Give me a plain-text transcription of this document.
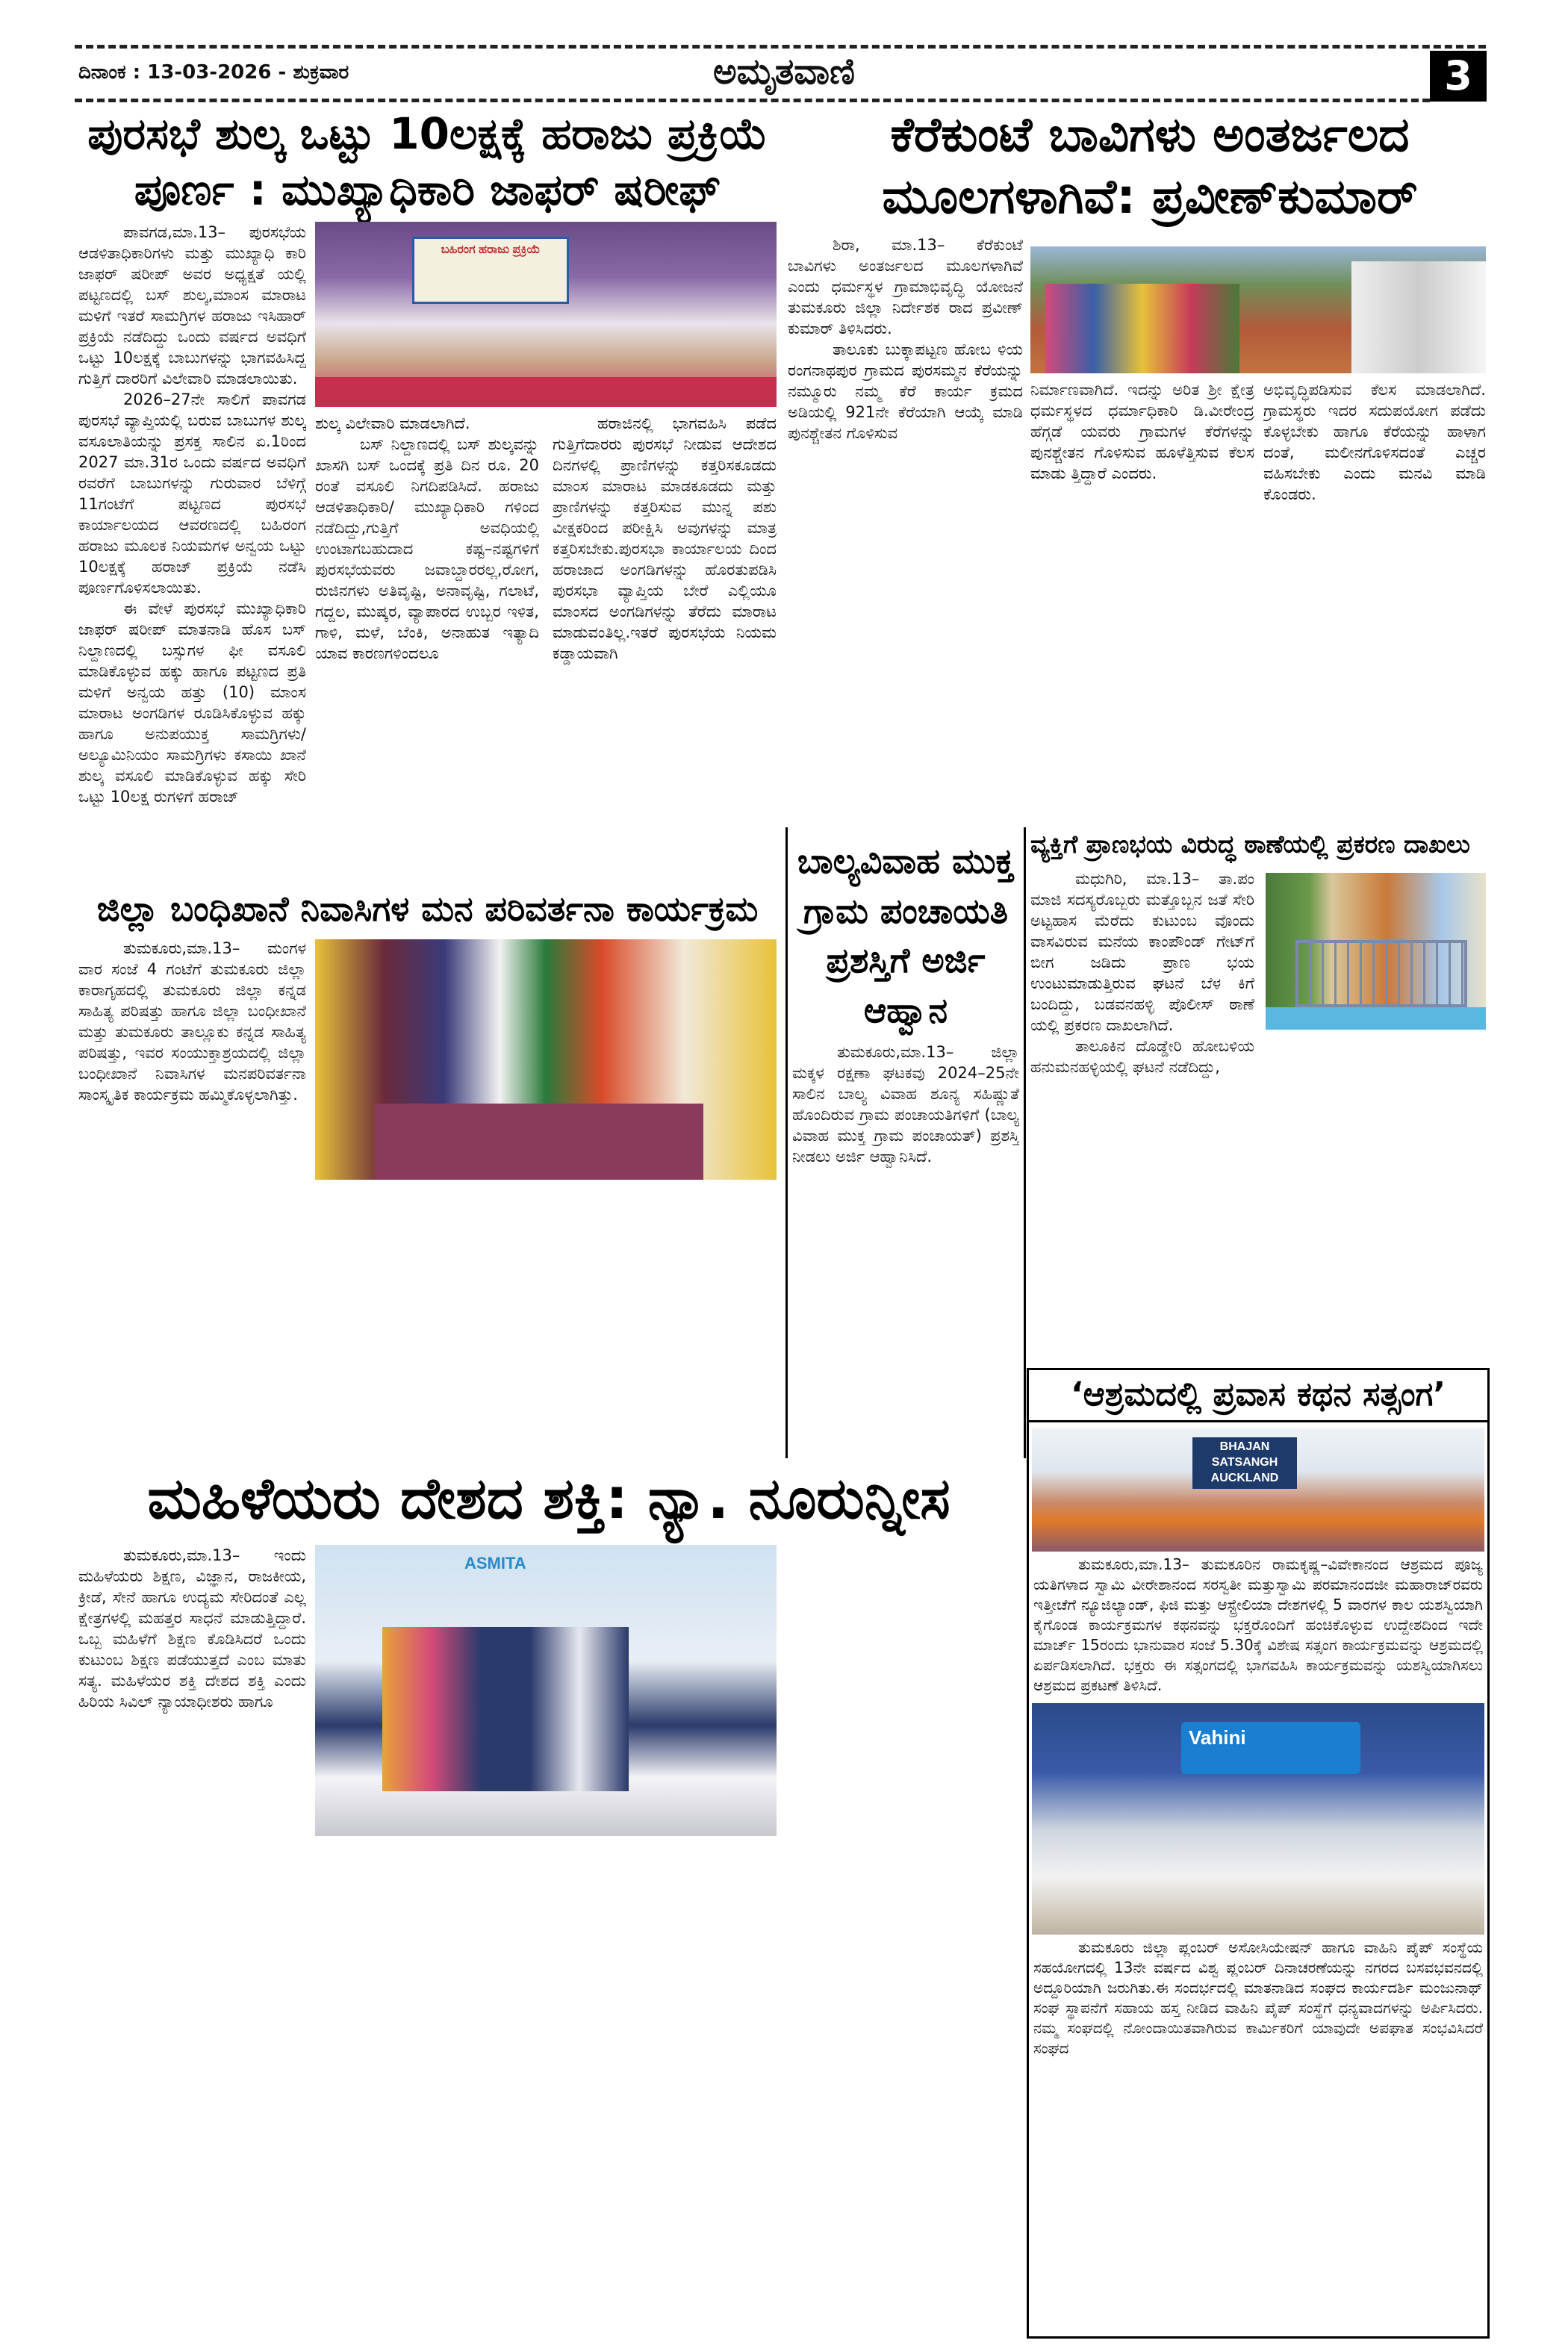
ದಿನಾಂಕ : 13-03-2026 - ಶುಕ್ರವಾರ	ಅಮೃತವಾಣಿ	3
ಪುರಸಭೆ ಶುಲ್ಕ ಒಟ್ಟು 10ಲಕ್ಷಕ್ಕೆ ಹರಾಜು ಪ್ರಕ್ರಿಯೆ
ಪೂರ್ಣ : ಮುಖ್ಯಾಧಿಕಾರಿ ಜಾಫರ್ ಷರೀಫ್

ಪಾವಗಡ,ಮಾ.13– ಪುರಸಭೆಯ ಆಡಳಿತಾಧಿಕಾರಿಗಳು ಮತ್ತು ಮುಖ್ಯಾಧಿ ಕಾರಿ ಜಾಫರ್ ಷರೀಪ್ ಅವರ ಅಧ್ಯಕ್ಷತೆ ಯಲ್ಲಿ ಪಟ್ಟಣದಲ್ಲಿ ಬಸ್ ಶುಲ್ಕ,ಮಾಂಸ ಮಾರಾಟ ಮಳಿಗೆ ಇತರೆ ಸಾಮಗ್ರಿಗಳ ಹರಾಜು ಇಸಿಹಾರ್ ಪ್ರಕ್ರಿಯೆ ನಡೆದಿದ್ದು ಒಂದು ವರ್ಷದ ಅವಧಿಗೆ ಒಟ್ಟು 10ಲಕ್ಷಕ್ಕೆ ಬಾಬುಗಳನ್ನು ಭಾಗವಹಿಸಿದ್ದ ಗುತ್ತಿಗೆ ದಾರರಿಗೆ ವಿಲೇವಾರಿ ಮಾಡಲಾಯಿತು.

2026–27ನೇ ಸಾಲಿಗೆ ಪಾವಗಡ ಪುರಸಭೆ ವ್ಯಾಪ್ತಿಯಲ್ಲಿ ಬರುವ ಬಾಬುಗಳ ಶುಲ್ಕ ವಸೂಲಾತಿಯನ್ನು ಪ್ರಸಕ್ತ ಸಾಲಿನ ಏ.1ರಿಂದ 2027 ಮಾ.31ರ ಒಂದು ವರ್ಷದ ಅವಧಿಗೆ ರವರೆಗೆ ಬಾಬುಗಳನ್ನು ಗುರುವಾರ ಬೆಳಿಗ್ಗೆ 11ಗಂಟೆಗೆ ಪಟ್ಟಣದ ಪುರಸಭೆ ಕಾರ್ಯಾಲಯದ ಆವರಣದಲ್ಲಿ ಬಹಿರಂಗ ಹರಾಜು ಮೂಲಕ ನಿಯಮಗಳ ಅನ್ವಯ ಒಟ್ಟು 10ಲಕ್ಷಕ್ಕೆ ಹರಾಜ್ ಪ್ರಕ್ರಿಯೆ ನಡೆಸಿ ಪೂರ್ಣಗೊಳಿಸಲಾಯಿತು.

ಈ ವೇಳೆ ಪುರಸಭೆ ಮುಖ್ಯಾಧಿಕಾರಿ ಜಾಫರ್ ಷರೀಪ್ ಮಾತನಾಡಿ ಹೊಸ ಬಸ್ ನಿಲ್ದಾಣದಲ್ಲಿ ಬಸ್ಸುಗಳ ಫೀ ವಸೂಲಿ ಮಾಡಿಕೊಳ್ಳುವ ಹಕ್ಕು ಹಾಗೂ ಪಟ್ಟಣದ ಪ್ರತಿ ಮಳಿಗೆ ಅನ್ವಯ ಹತ್ತು (10) ಮಾಂಸ ಮಾರಾಟ ಅಂಗಡಿಗಳ ರೂಡಿಸಿಕೊಳ್ಳುವ ಹಕ್ಕು ಹಾಗೂ ಅನುಪಯುಕ್ತ ಸಾಮಗ್ರಿಗಳು/ ಅಲ್ಯೂಮಿನಿಯಂ ಸಾಮಗ್ರಿಗಳು ಕಸಾಯಿ ಖಾನೆ ಶುಲ್ಕ ವಸೂಲಿ ಮಾಡಿಕೊಳ್ಳುವ ಹಕ್ಕು ಸೇರಿ ಒಟ್ಟು 10ಲಕ್ಷ ರುಗಳಿಗೆ ಹರಾಜ್

ಬಹಿರಂಗ ಹರಾಜು ಪ್ರಕ್ರಿಯೆ

ಶುಲ್ಕ ವಿಲೇವಾರಿ ಮಾಡಲಾಗಿದೆ.

ಬಸ್ ನಿಲ್ದಾಣದಲ್ಲಿ ಬಸ್ ಶುಲ್ಕವನ್ನು ಖಾಸಗಿ ಬಸ್ ಒಂದಕ್ಕೆ ಪ್ರತಿ ದಿನ ರೂ. 20 ರಂತೆ ವಸೂಲಿ ನಿಗದಿಪಡಿಸಿದೆ. ಹರಾಜು ಆಡಳಿತಾಧಿಕಾರಿ/ ಮುಖ್ಯಾಧಿಕಾರಿ ಗಳಿಂದ ನಡೆದಿದ್ದು,ಗುತ್ತಿಗೆ ಅವಧಿಯಲ್ಲಿ ಉಂಟಾಗಬಹುದಾದ ಕಷ್ಟ–ನಷ್ಟಗಳಿಗೆ ಪುರಸಭೆಯವರು ಜವಾಬ್ದಾರರಲ್ಲ,ರೋಗ, ರುಜಿನಗಳು ಅತಿವೃಷ್ಟಿ, ಅನಾವೃಷ್ಟಿ, ಗಲಾಟೆ, ಗದ್ದಲ, ಮುಷ್ಕರ, ವ್ಯಾಪಾರದ ಉಬ್ಬರ ಇಳಿತ, ಗಾಳಿ, ಮಳೆ, ಬೆಂಕಿ, ಅನಾಹುತ ಇತ್ಯಾದಿ ಯಾವ ಕಾರಣಗಳಿಂದಲೂ

ಹರಾಜಿನಲ್ಲಿ ಭಾಗವಹಿಸಿ ಪಡೆದ ಗುತ್ತಿಗೆದಾರರು ಪುರಸಭೆ ನೀಡುವ ಆದೇಶದ ದಿನಗಳಲ್ಲಿ ಪ್ರಾಣಿಗಳನ್ನು ಕತ್ತರಿಸಕೂಡದು ಮಾಂಸ ಮಾರಾಟ ಮಾಡಕೂಡದು ಮತ್ತು ಪ್ರಾಣಿಗಳನ್ನು ಕತ್ತರಿಸುವ ಮುನ್ನ ಪಶು ವೀಕ್ಷಕರಿಂದ ಪರೀಕ್ಷಿಸಿ ಅವುಗಳನ್ನು ಮಾತ್ರ ಕತ್ತರಿಸಬೇಕು.ಪುರಸಭಾ ಕಾರ್ಯಾಲಯ ದಿಂದ ಹರಾಜಾದ ಅಂಗಡಿಗಳನ್ನು ಹೊರತುಪಡಿಸಿ ಪುರಸಭಾ ವ್ಯಾಪ್ತಿಯ ಬೇರೆ ಎಲ್ಲಿಯೂ ಮಾಂಸದ ಅಂಗಡಿಗಳನ್ನು ತೆರೆದು ಮಾರಾಟ ಮಾಡುವಂತಿಲ್ಲ.ಇತರೆ ಪುರಸಭೆಯ ನಿಯಮ ಕಡ್ಡಾಯವಾಗಿ

ಕೆರೆಕುಂಟೆ ಬಾವಿಗಳು ಅಂತರ್ಜಲದ
ಮೂಲಗಳಾಗಿವೆ: ಪ್ರವೀಣ್‌ಕುಮಾರ್

ಶಿರಾ, ಮಾ.13– ಕೆರೆಕುಂಟೆ ಬಾವಿಗಳು ಅಂತರ್ಜಲದ ಮೂಲಗಳಾಗಿವೆ ಎಂದು ಧರ್ಮಸ್ಥಳ ಗ್ರಾಮಾಭಿವೃದ್ಧಿ ಯೋಜನೆ ತುಮಕೂರು ಜಿಲ್ಲಾ ನಿರ್ದೇಶಕ ರಾದ ಪ್ರವೀಣ್ ಕುಮಾರ್ ತಿಳಿಸಿದರು.

ತಾಲೂಕು ಬುಕ್ಕಾಪಟ್ಟಣ ಹೋಬ ಳಿಯ ರಂಗನಾಥಪುರ ಗ್ರಾಮದ ಪುರಸಮ್ಮನ ಕೆರೆಯನ್ನು ನಮ್ಮೂರು ನಮ್ಮ ಕೆರೆ ಕಾರ್ಯ ಕ್ರಮದ ಅಡಿಯಲ್ಲಿ 921ನೇ ಕೆರೆಯಾಗಿ ಆಯ್ಕೆ ಮಾಡಿ ಪುನಶ್ಚೇತನ ಗೊಳಿಸುವ

ನಿರ್ಮಾಣವಾಗಿದೆ. ಇದನ್ನು ಅರಿತ ಶ್ರೀ ಕ್ಷೇತ್ರ ಧರ್ಮಸ್ಥಳದ ಧರ್ಮಾಧಿಕಾರಿ ಡಿ.ವೀರೇಂದ್ರ ಹೆಗ್ಗಡೆ ಯವರು ಗ್ರಾಮಗಳ ಕೆರೆಗಳನ್ನು ಪುನಶ್ಚೇತನ ಗೊಳಿಸುವ ಹೂಳೆತ್ತಿಸುವ ಕೆಲಸ ಮಾಡು ತ್ತಿದ್ದಾರೆ ಎಂದರು.

ಅಭಿವೃದ್ಧಿಪಡಿಸುವ ಕೆಲಸ ಮಾಡಲಾಗಿದೆ. ಗ್ರಾಮಸ್ಥರು ಇದರ ಸದುಪಯೋಗ ಪಡೆದು ಕೊಳ್ಳಬೇಕು ಹಾಗೂ ಕೆರೆಯನ್ನು ಹಾಳಾಗ ದಂತೆ, ಮಲೀನಗೊಳಿಸದಂತೆ ಎಚ್ಚರ ವಹಿಸಬೇಕು ಎಂದು ಮನವಿ ಮಾಡಿ ಕೊಂಡರು.

ಜಿಲ್ಲಾ ಬಂಧಿಖಾನೆ ನಿವಾಸಿಗಳ ಮನ ಪರಿವರ್ತನಾ ಕಾರ್ಯಕ್ರಮ

ತುಮಕೂರು,ಮಾ.13– ಮಂಗಳ ವಾರ ಸಂಜೆ 4 ಗಂಟೆಗೆ ತುಮಕೂರು ಜಿಲ್ಲಾ ಕಾರಾಗೃಹದಲ್ಲಿ ತುಮಕೂರು ಜಿಲ್ಲಾ ಕನ್ನಡ ಸಾಹಿತ್ಯ ಪರಿಷತ್ತು ಹಾಗೂ ಜಿಲ್ಲಾ ಬಂಧೀಖಾನೆ ಮತ್ತು ತುಮಕೂರು ತಾಲ್ಲೂಕು ಕನ್ನಡ ಸಾಹಿತ್ಯ ಪರಿಷತ್ತು, ಇವರ ಸಂಯುಕ್ತಾಶ್ರಯದಲ್ಲಿ ಜಿಲ್ಲಾ ಬಂಧೀಖಾನೆ ನಿವಾಸಿಗಳ ಮನಪರಿವರ್ತನಾ ಸಾಂಸ್ಕೃತಿಕ ಕಾರ್ಯಕ್ರಮ ಹಮ್ಮಿಕೊಳ್ಳಲಾಗಿತ್ತು.

ಬಾಲ್ಯವಿವಾಹ ಮುಕ್ತ ಗ್ರಾಮ ಪಂಚಾಯತಿ ಪ್ರಶಸ್ತಿಗೆ ಅರ್ಜಿ ಆಹ್ವಾನ

ತುಮಕೂರು,ಮಾ.13– ಜಿಲ್ಲಾ ಮಕ್ಕಳ ರಕ್ಷಣಾ ಘಟಕವು 2024–25ನೇ ಸಾಲಿನ ಬಾಲ್ಯ ವಿವಾಹ ಶೂನ್ಯ ಸಹಿಷ್ಣುತೆ ಹೊಂದಿರುವ ಗ್ರಾಮ ಪಂಚಾಯತಿಗಳಿಗೆ (ಬಾಲ್ಯ ವಿವಾಹ ಮುಕ್ತ ಗ್ರಾಮ ಪಂಚಾಯತ್) ಪ್ರಶಸ್ತಿ ನೀಡಲು ಅರ್ಜಿ ಆಹ್ವಾನಿಸಿದೆ.

ವ್ಯಕ್ತಿಗೆ ಪ್ರಾಣಭಯ ವಿರುದ್ಧ ಠಾಣೆಯಲ್ಲಿ ಪ್ರಕರಣ ದಾಖಲು

ಮಧುಗಿರಿ, ಮಾ.13– ತಾ.ಪಂ ಮಾಜಿ ಸದಸ್ಯರೊಬ್ಬರು ಮತ್ತೊಬ್ಬನ ಜತೆ ಸೇರಿ ಅಟ್ಟಹಾಸ ಮೆರೆದು ಕುಟುಂಬ ವೊಂದು ವಾಸವಿರುವ ಮನೆಯ ಕಾಂಪೌಂಡ್ ಗೇಟ್‌ಗೆ ಬೀಗ ಜಡಿದು ಪ್ರಾಣ ಭಯ ಉಂಟುಮಾಡುತ್ತಿರುವ ಘಟನೆ ಬೆಳ ಕಿಗೆ ಬಂದಿದ್ದು, ಬಡವನಹಳ್ಳಿ ಪೊಲೀಸ್ ಠಾಣೆ ಯಲ್ಲಿ ಪ್ರಕರಣ ದಾಖಲಾಗಿದೆ.

ತಾಲೂಕಿನ ದೊಡ್ಡೇರಿ ಹೋಬಳಿಯ ಹನುಮನಹಳ್ಳಿಯಲ್ಲಿ ಘಟನೆ ನಡೆದಿದ್ದು,

‘ಆಶ್ರಮದಲ್ಲಿ ಪ್ರವಾಸ ಕಥನ ಸತ್ಸಂಗ’
BHAJAN SATSANGH AUCKLAND

ತುಮಕೂರು,ಮಾ.13– ತುಮಕೂರಿನ ರಾಮಕೃಷ್ಣ–ವಿವೇಕಾನಂದ ಆಶ್ರಮದ ಪೂಜ್ಯ ಯತಿಗಳಾದ ಸ್ವಾಮಿ ವೀರೇಶಾನಂದ ಸರಸ್ವತೀ ಮತ್ತುಸ್ವಾಮಿ ಪರಮಾನಂದಜೀ ಮಹಾರಾಜ್‌ರವರು ಇತ್ತೀಚೆಗೆ ನ್ಯೂಜಿಲ್ಯಾಂಡ್, ಫಿಜಿ ಮತ್ತು ಆಸ್ಟ್ರೇಲಿಯಾ ದೇಶಗಳಲ್ಲಿ 5 ವಾರಗಳ ಕಾಲ ಯಶಸ್ವಿಯಾಗಿ ಕೈಗೊಂಡ ಕಾರ್ಯಕ್ರಮಗಳ ಕಥನವನ್ನು ಭಕ್ತರೊಂದಿಗೆ ಹಂಚಿಕೊಳ್ಳುವ ಉದ್ದೇಶದಿಂದ ಇದೇ ಮಾರ್ಚ್ 15ರಂದು ಭಾನುವಾರ ಸಂಜೆ 5.30ಕ್ಕೆ ವಿಶೇಷ ಸತ್ಸಂಗ ಕಾರ್ಯಕ್ರಮವನ್ನು ಆಶ್ರಮದಲ್ಲಿ ಏರ್ಪಡಿಸಲಾಗಿದೆ. ಭಕ್ತರು ಈ ಸತ್ಸಂಗದಲ್ಲಿ ಭಾಗವಹಿಸಿ ಕಾರ್ಯಕ್ರಮವನ್ನು ಯಶಸ್ವಿಯಾಗಿಸಲು ಆಶ್ರಮದ ಪ್ರಕಟಣೆ ತಿಳಿಸಿದೆ.

Vahini

ತುಮಕೂರು ಜಿಲ್ಲಾ ಪ್ಲಂಬರ್ ಅಸೋಸಿಯೇಷನ್ ಹಾಗೂ ವಾಹಿನಿ ಪೈಪ್ ಸಂಸ್ಥೆಯ ಸಹಯೋಗದಲ್ಲಿ 13ನೇ ವರ್ಷದ ವಿಶ್ವ ಪ್ಲಂಬರ್ ದಿನಾಚರಣೆಯನ್ನು ನಗರದ ಬಸವಭವನದಲ್ಲಿ ಅದ್ದೂರಿಯಾಗಿ ಜರುಗಿತು.ಈ ಸಂದರ್ಭದಲ್ಲಿ ಮಾತನಾಡಿದ ಸಂಘದ ಕಾರ್ಯದರ್ಶಿ ಮಂಜುನಾಥ್ ಸಂಘ ಸ್ಥಾಪನೆಗೆ ಸಹಾಯ ಹಸ್ತ ನೀಡಿದ ವಾಹಿನಿ ಪೈಪ್ ಸಂಸ್ಥೆಗೆ ಧನ್ಯವಾದಗಳನ್ನು ಅರ್ಪಿಸಿದರು. ನಮ್ಮ ಸಂಘದಲ್ಲಿ ನೋಂದಾಯಿತವಾಗಿರುವ ಕಾರ್ಮಿಕರಿಗೆ ಯಾವುದೇ ಅಪಘಾತ ಸಂಭವಿಸಿದರೆ ಸಂಘದ

ಮಹಿಳೆಯರು ದೇಶದ ಶಕ್ತಿ: ನ್ಯಾ. ನೂರುನ್ನೀಸ

ತುಮಕೂರು,ಮಾ.13– ಇಂದು ಮಹಿಳೆಯರು ಶಿಕ್ಷಣ, ವಿಜ್ಞಾನ, ರಾಜಕೀಯ, ಕ್ರೀಡೆ, ಸೇನೆ ಹಾಗೂ ಉದ್ಯಮ ಸೇರಿದಂತೆ ಎಲ್ಲ ಕ್ಷೇತ್ರಗಳಲ್ಲಿ ಮಹತ್ತರ ಸಾಧನೆ ಮಾಡುತ್ತಿದ್ದಾರೆ. ಒಬ್ಬ ಮಹಿಳೆಗೆ ಶಿಕ್ಷಣ ಕೊಡಿಸಿದರೆ ಒಂದು ಕುಟುಂಬ ಶಿಕ್ಷಣ ಪಡೆಯುತ್ತದೆ ಎಂಬ ಮಾತು ಸತ್ಯ. ಮಹಿಳೆಯರ ಶಕ್ತಿ ದೇಶದ ಶಕ್ತಿ ಎಂದು ಹಿರಿಯ ಸಿವಿಲ್ ನ್ಯಾಯಾಧೀಶರು ಹಾಗೂ

ASMITA
